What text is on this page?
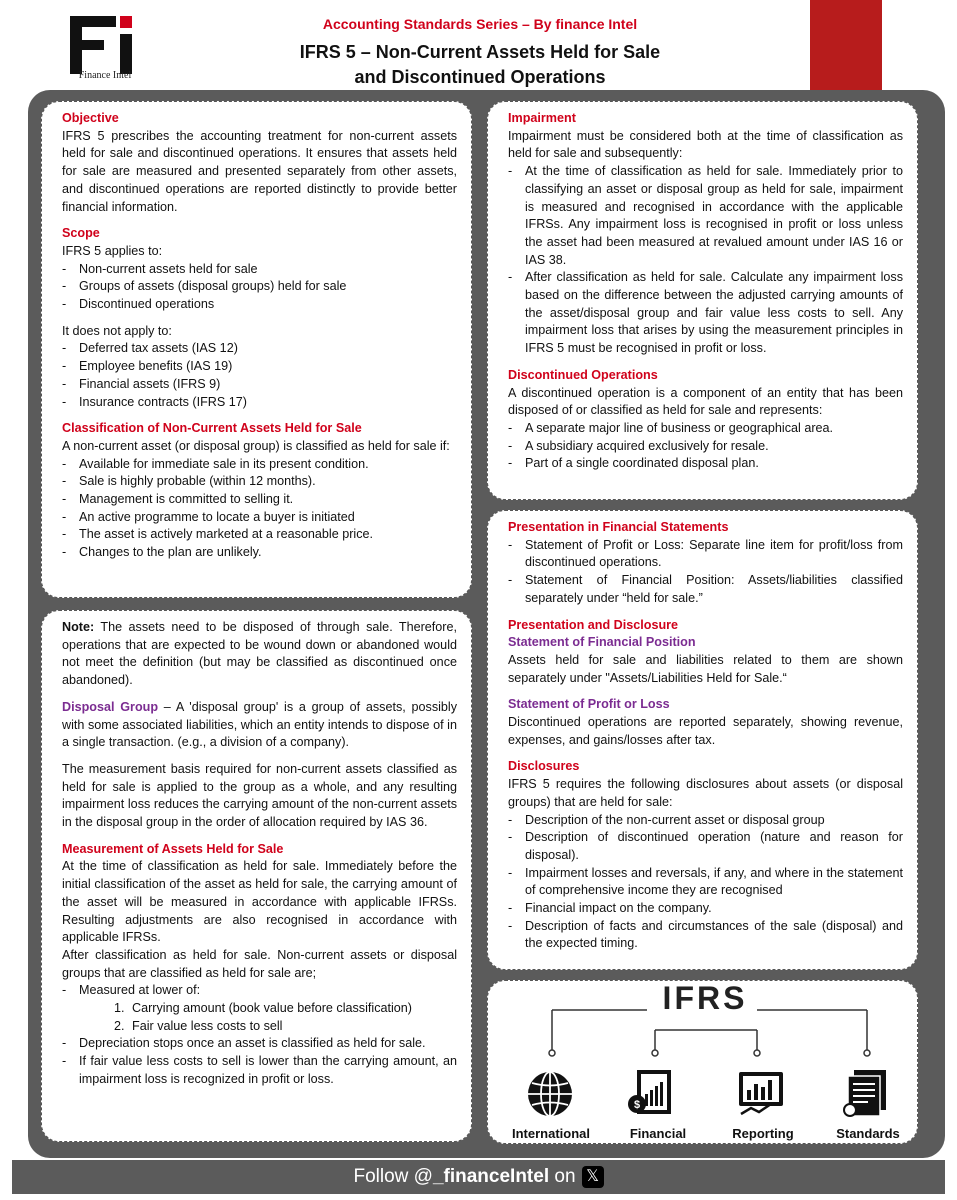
Finance Intel
Accounting Standards Series – By finance Intel
IFRS 5 – Non-Current Assets Held for Sale
and Discontinued Operations

Objective

IFRS 5 prescribes the accounting treatment for non-current assets held for sale and discontinued operations. It ensures that assets held for sale are measured and presented separately from other assets, and discontinued operations are reported distinctly to provide better financial information.

Scope

IFRS 5 applies to:

- Non-current assets held for sale
- Groups of assets (disposal groups) held for sale
- Discontinued operations

It does not apply to:

- Deferred tax assets (IAS 12)
- Employee benefits (IAS 19)
- Financial assets (IFRS 9)
- Insurance contracts (IFRS 17)

Classification of Non-Current Assets Held for Sale

A non-current asset (or disposal group) is classified as held for sale if:

- Available for immediate sale in its present condition.
- Sale is highly probable (within 12 months).
- Management is committed to selling it.
- An active programme to locate a buyer is initiated
- The asset is actively marketed at a reasonable price.
- Changes to the plan are unlikely.

Note: The assets need to be disposed of through sale. Therefore, operations that are expected to be wound down or abandoned would not meet the definition (but may be classified as discontinued once abandoned).

Disposal Group – A 'disposal group' is a group of assets, possibly with some associated liabilities, which an entity intends to dispose of in a single transaction. (e.g., a division of a company).

The measurement basis required for non-current assets classified as held for sale is applied to the group as a whole, and any resulting impairment loss reduces the carrying amount of the non-current assets in the disposal group in the order of allocation required by IAS 36.

Measurement of Assets Held for Sale

At the time of classification as held for sale. Immediately before the initial classification of the asset as held for sale, the carrying amount of the asset will be measured in accordance with applicable IFRSs. Resulting adjustments are also recognised in accordance with applicable IFRSs.

After classification as held for sale. Non-current assets or disposal groups that are classified as held for sale are;

- Measured at lower of:
1. Carrying amount (book value before classification)
2. Fair value less costs to sell
- Depreciation stops once an asset is classified as held for sale.
- If fair value less costs to sell is lower than the carrying amount, an impairment loss is recognized in profit or loss.

Impairment

Impairment must be considered both at the time of classification as held for sale and subsequently:

- At the time of classification as held for sale. Immediately prior to classifying an asset or disposal group as held for sale, impairment is measured and recognised in accordance with the applicable IFRSs. Any impairment loss is recognised in profit or loss unless the asset had been measured at revalued amount under IAS 16 or IAS 38.
- After classification as held for sale. Calculate any impairment loss based on the difference between the adjusted carrying amounts of the asset/disposal group and fair value less costs to sell. Any impairment loss that arises by using the measurement principles in IFRS 5 must be recognised in profit or loss.

Discontinued Operations

A discontinued operation is a component of an entity that has been disposed of or classified as held for sale and represents:

- A separate major line of business or geographical area.
- A subsidiary acquired exclusively for resale.
- Part of a single coordinated disposal plan.

Presentation in Financial Statements

- Statement of Profit or Loss: Separate line item for profit/loss from discontinued operations.
- Statement of Financial Position: Assets/liabilities classified separately under “held for sale.”

Presentation and Disclosure

Statement of Financial Position

Assets held for sale and liabilities related to them are shown separately under "Assets/Liabilities Held for Sale.“

Statement of Profit or Loss

Discontinued operations are reported separately, showing revenue, expenses, and gains/losses after tax.

Disclosures

IFRS 5 requires the following disclosures about assets (or disposal groups) that are held for sale:

- Description of the non-current asset or disposal group
- Description of discontinued operation (nature and reason for disposal).
- Impairment losses and reversals, if any, and where in the statement of comprehensive income they are recognised
- Financial impact on the company.
- Description of facts and circumstances of the sale (disposal) and the expected timing.
IFRS
$
International	Financial	Reporting	Standards
Follow @_financeIntel on 𝕏
